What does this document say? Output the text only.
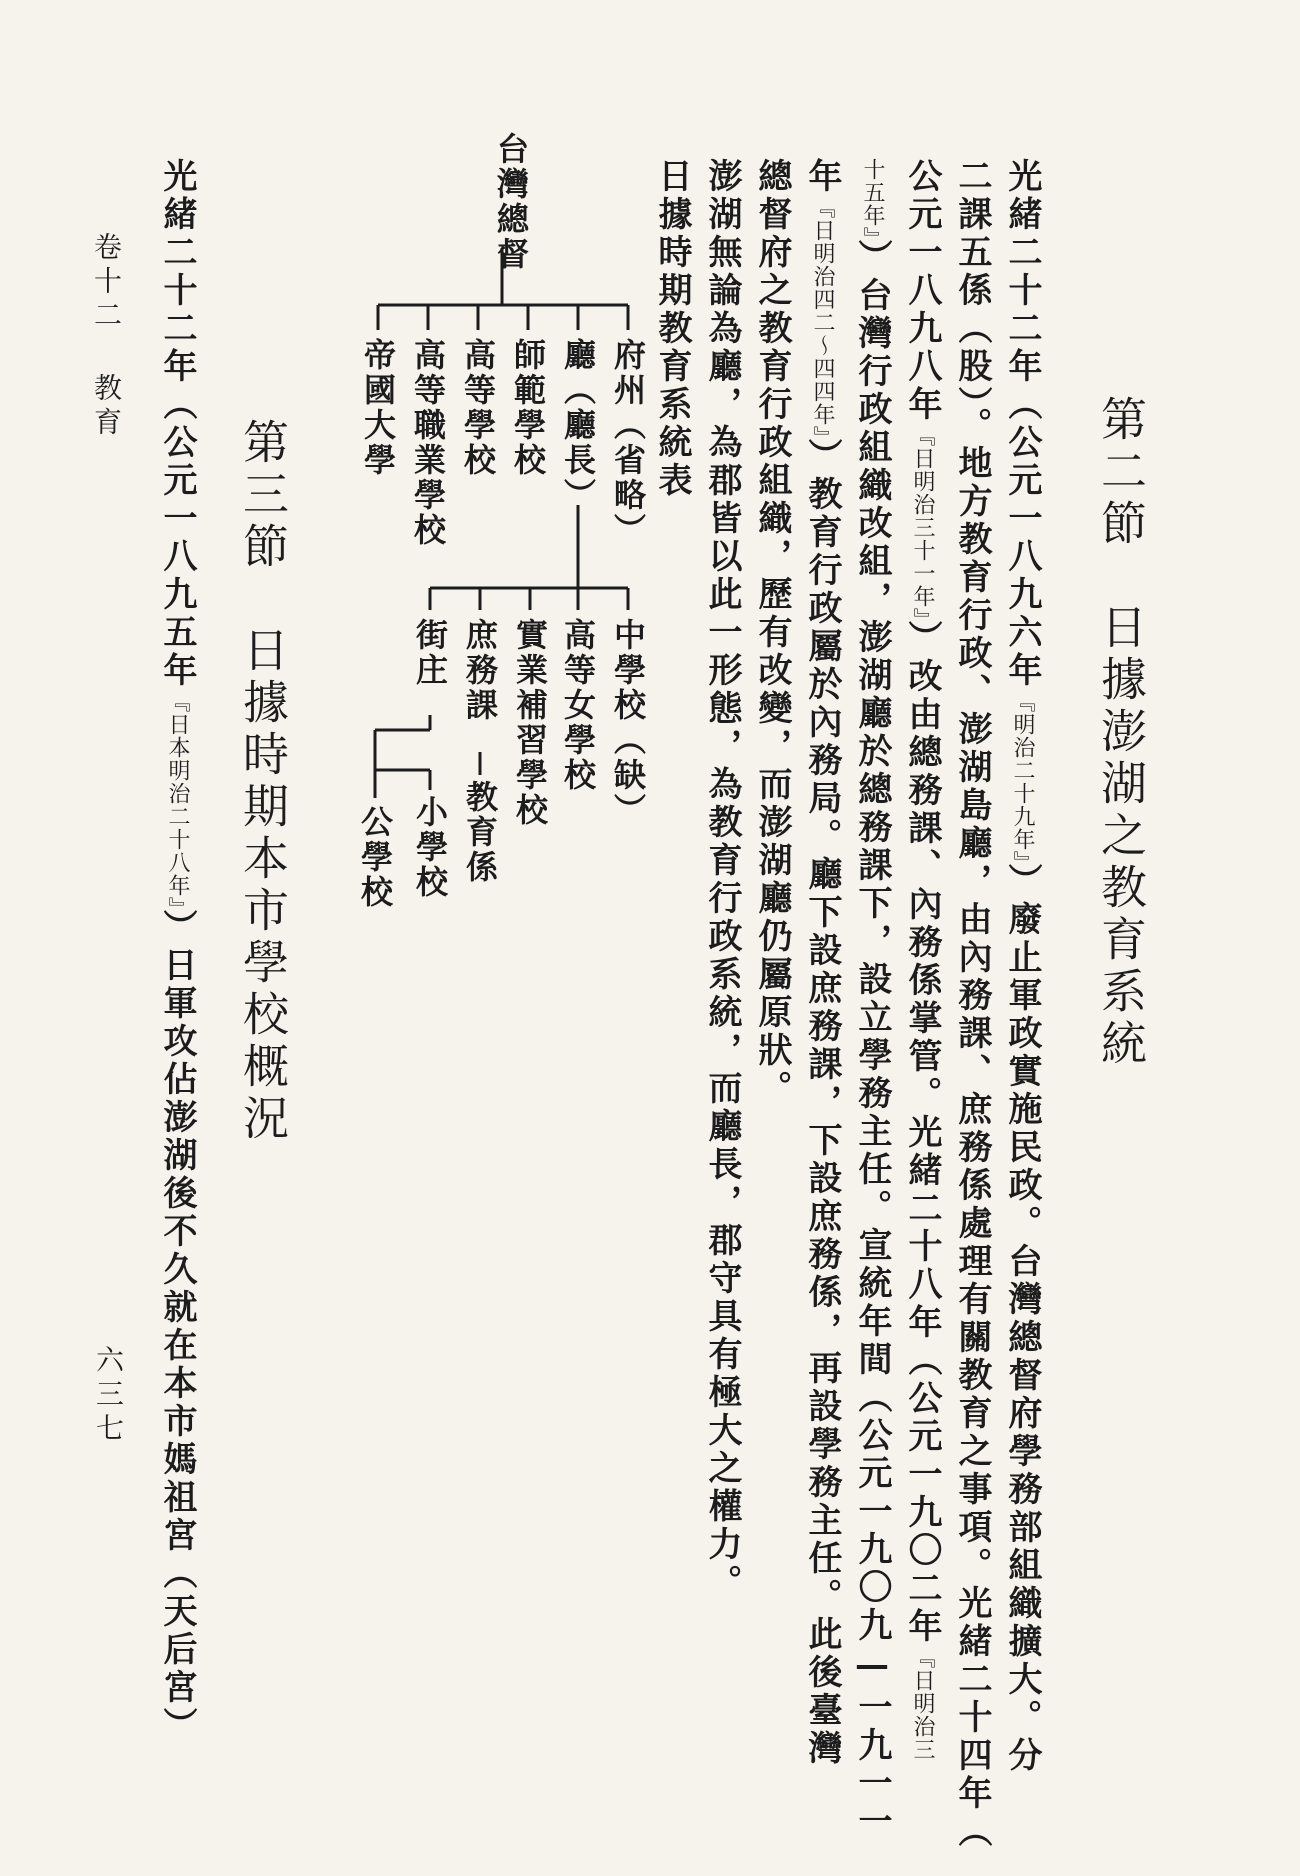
卷十二 教育
六三七
第二節　日據澎湖之教育系統
光緒二十二年（公元一八九六年『明治二十九年』）廢止軍政實施民政。台灣總督府學務部組織擴大。分
二課五係（股）。地方教育行政、澎湖島廳，由內務課、庶務係處理有關教育之事項。光緒二十四年（
公元一八九八年『日明治三十一年』）改由總務課、內務係掌管。光緒二十八年（公元一九〇二年『日明治三
十五年』）台灣行政組織改組，澎湖廳於總務課下，設立學務主任。宣統年間（公元一九〇九—一九一一
年『日明治四二～四四年』）教育行政屬於內務局。廳下設庶務課，下設庶務係，再設學務主任。此後臺灣
總督府之教育行政組織，歷有改變，而澎湖廳仍屬原狀。
澎湖無論為廳，為郡皆以此一形態，為教育行政系統，而廳長，郡守具有極大之權力。
日據時期教育系統表
台灣總督
府州（省略）
廳（廳長）
師範學校
高等學校
高等職業學校
帝國大學
中學校（缺）
高等女學校
實業補習學校
庶務課
街庄
教育係
小學校
公學校
第三節　日據時期本市學校概況
光緒二十二年（公元一八九五年『日本明治二十八年』）日軍攻佔澎湖後不久就在本市媽祖宮（天后宮）
